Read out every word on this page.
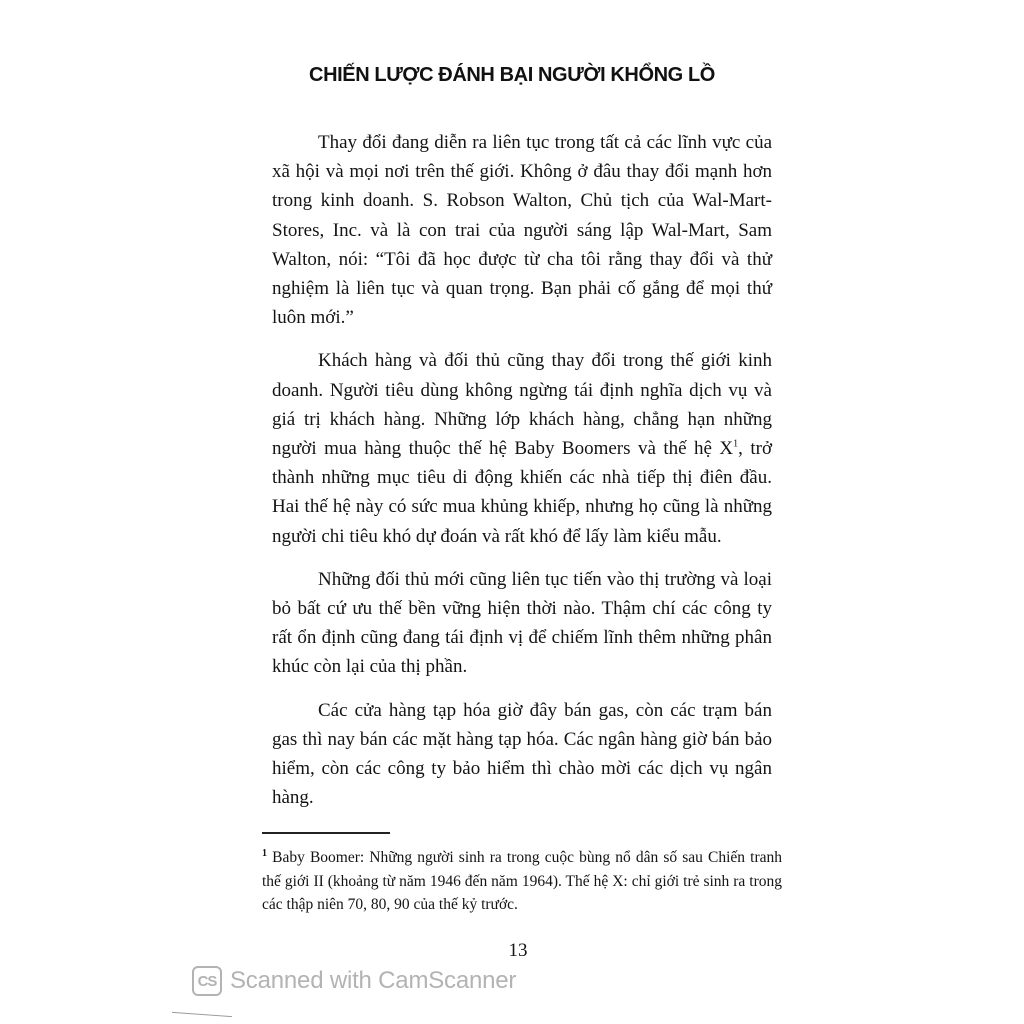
CHIẾN LƯỢC ĐÁNH BẠI NGƯỜI KHỔNG LỒ

Thay đổi đang diễn ra liên tục trong tất cả các lĩnh vực của xã hội và mọi nơi trên thế giới. Không ở đâu thay đổi mạnh hơn trong kinh doanh. S. Robson Walton, Chủ tịch của Wal-Mart-Stores, Inc. và là con trai của người sáng lập Wal-Mart, Sam Walton, nói: “Tôi đã học được từ cha tôi rằng thay đổi và thử nghiệm là liên tục và quan trọng. Bạn phải cố gắng để mọi thứ luôn mới.”

Khách hàng và đối thủ cũng thay đổi trong thế giới kinh doanh. Người tiêu dùng không ngừng tái định nghĩa dịch vụ và giá trị khách hàng. Những lớp khách hàng, chẳng hạn những người mua hàng thuộc thế hệ Baby Boomers và thế hệ $X^1$, trở thành những mục tiêu di động khiến các nhà tiếp thị điên đầu. Hai thế hệ này có sức mua khủng khiếp, nhưng họ cũng là những người chi tiêu khó dự đoán và rất khó để lấy làm kiểu mẫu.

Những đối thủ mới cũng liên tục tiến vào thị trường và loại bỏ bất cứ ưu thế bền vững hiện thời nào. Thậm chí các công ty rất ổn định cũng đang tái định vị để chiếm lĩnh thêm những phân khúc còn lại của thị phần.

Các cửa hàng tạp hóa giờ đây bán gas, còn các trạm bán gas thì nay bán các mặt hàng tạp hóa. Các ngân hàng giờ bán bảo hiểm, còn các công ty bảo hiểm thì chào mời các dịch vụ ngân hàng.

$^1$ Baby Boomer: Những người sinh ra trong cuộc bùng nổ dân số sau Chiến tranh thế giới II (khoảng từ năm 1946 đến năm 1964). Thế hệ X: chỉ giới trẻ sinh ra trong các thập niên 70, 80, 90 của thế kỷ trước.
13
CS Scanned with CamScanner
